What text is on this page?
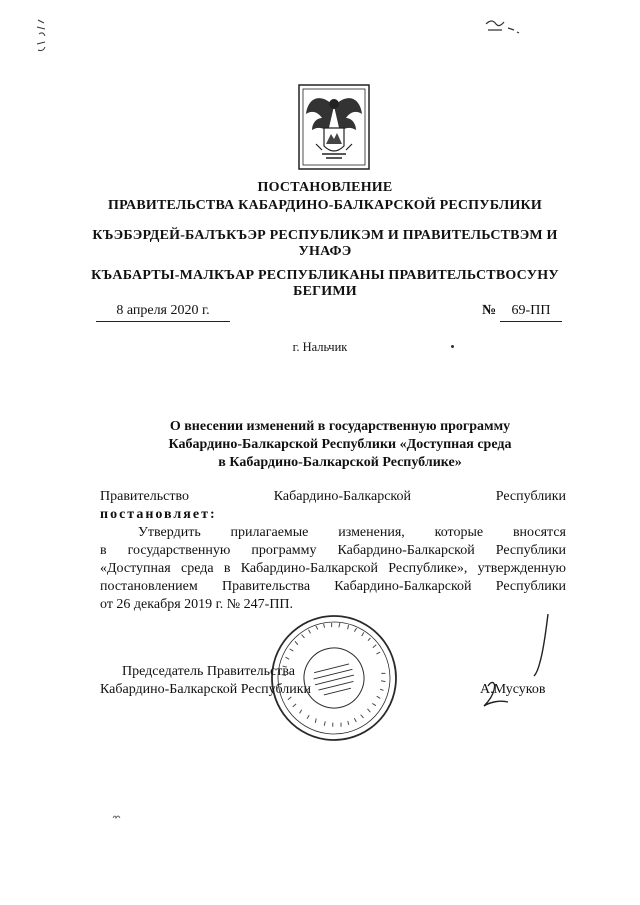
ПОСТАНОВЛЕНИЕ
ПРАВИТЕЛЬСТВА КАБАРДИНО-БАЛКАРСКОЙ РЕСПУБЛИКИ
КЪЭБЭРДЕЙ-БАЛЪКЪЭР РЕСПУБЛИКЭМ И ПРАВИТЕЛЬСТВЭМ И УНАФЭ
КЪАБАРТЫ-МАЛКЪАР РЕСПУБЛИКАНЫ ПРАВИТЕЛЬСТВОСУНУ БЕГИМИ
8 апреля 2020 г.	№	69-ПП
г. Нальчик
О внесении изменений в государственную программу
Кабардино-Балкарской Республики «Доступная среда
в Кабардино-Балкарской Республике»
Правительство Кабардино-Балкарской Республики
постановляет:
Утвердить прилагаемые изменения, которые вносятся
в государственную программу Кабардино-Балкарской Республики
«Доступная среда в Кабардино-Балкарской Республике», утвержденную
постановлением Правительства Кабардино-Балкарской Республики
от 26 декабря 2019 г. № 247-ПП.
Председатель Правительства
Кабардино-Балкарской Республики	А.Мусуков
